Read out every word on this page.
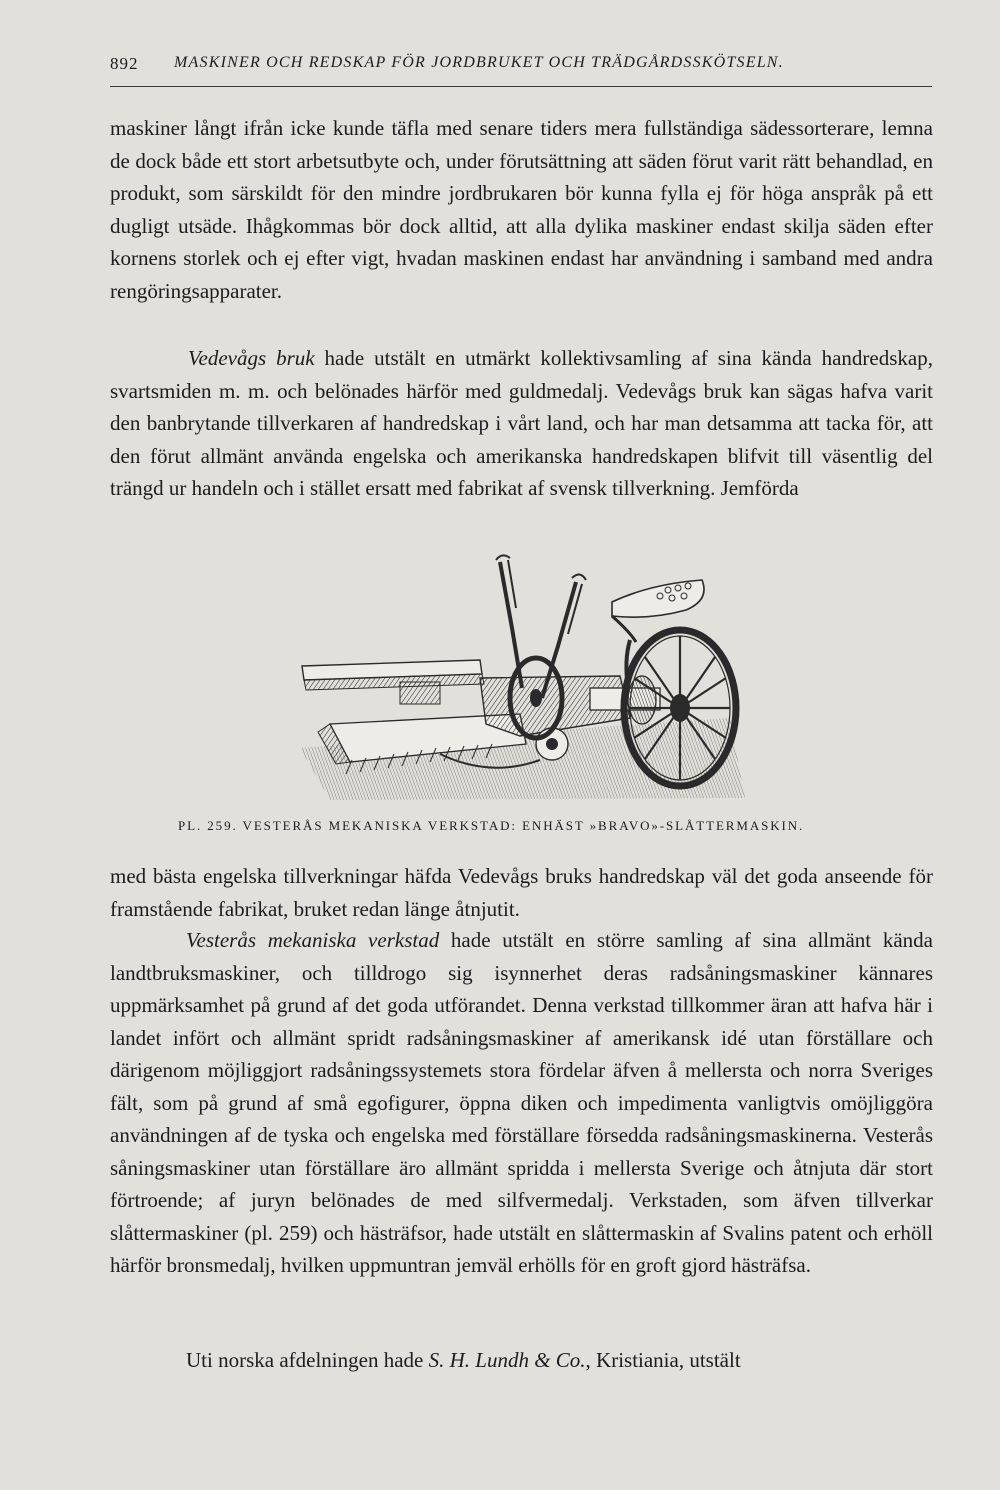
892 MASKINER OCH REDSKAP FÖR JORDBRUKET OCH TRÄDGÅRDSSKÖTSELN.

maskiner långt ifrån icke kunde täfla med senare tiders mera fullständiga sädessorterare, lemna de dock både ett stort arbetsutbyte och, under förutsättning att säden förut varit rätt behandlad, en produkt, som särskildt för den mindre jordbrukaren bör kunna fylla ej för höga anspråk på ett dugligt utsäde. Ihågkommas bör dock alltid, att alla dylika maskiner endast skilja säden efter kornens storlek och ej efter vigt, hvadan maskinen endast har användning i samband med andra rengöringsapparater.

Vedevågs bruk hade utstält en utmärkt kollektivsamling af sina kända handredskap, svartsmiden m. m. och belönades härför med guldmedalj. Vedevågs bruk kan sägas hafva varit den banbrytande tillverkaren af handredskap i vårt land, och har man detsamma att tacka för, att den förut allmänt använda engelska och amerikanska handredskapen blifvit till väsentlig del trängd ur handeln och i stället ersatt med fabrikat af svensk tillverkning. Jemförda

PL. 259. VESTERÅS MEKANISKA VERKSTAD: ENHÄST »BRAVO»-SLÅTTERMASKIN.

med bästa engelska tillverkningar häfda Vedevågs bruks handredskap väl det goda anseende för framstående fabrikat, bruket redan länge åtnjutit.

Vesterås mekaniska verkstad hade utstält en större samling af sina allmänt kända landtbruksmaskiner, och tilldrogo sig isynnerhet deras radsåningsmaskiner kännares uppmärksamhet på grund af det goda utförandet. Denna verkstad tillkommer äran att hafva här i landet infört och allmänt spridt radsåningsmaskiner af amerikansk idé utan förställare och därigenom möjliggjort radsåningssystemets stora fördelar äfven å mellersta och norra Sveriges fält, som på grund af små egofigurer, öppna diken och impedimenta vanligtvis omöjliggöra användningen af de tyska och engelska med förställare försedda radsåningsmaskinerna. Vesterås såningsmaskiner utan förställare äro allmänt spridda i mellersta Sverige och åtnjuta där stort förtroende; af juryn belönades de med silfvermedalj. Verkstaden, som äfven tillverkar slåttermaskiner (pl. 259) och hästräfsor, hade utstält en slåttermaskin af Svalins patent och erhöll härför bronsmedalj, hvilken uppmuntran jemväl erhölls för en groft gjord hästräfsa.

Uti norska afdelningen hade S. H. Lundh & Co., Kristiania, utstält
